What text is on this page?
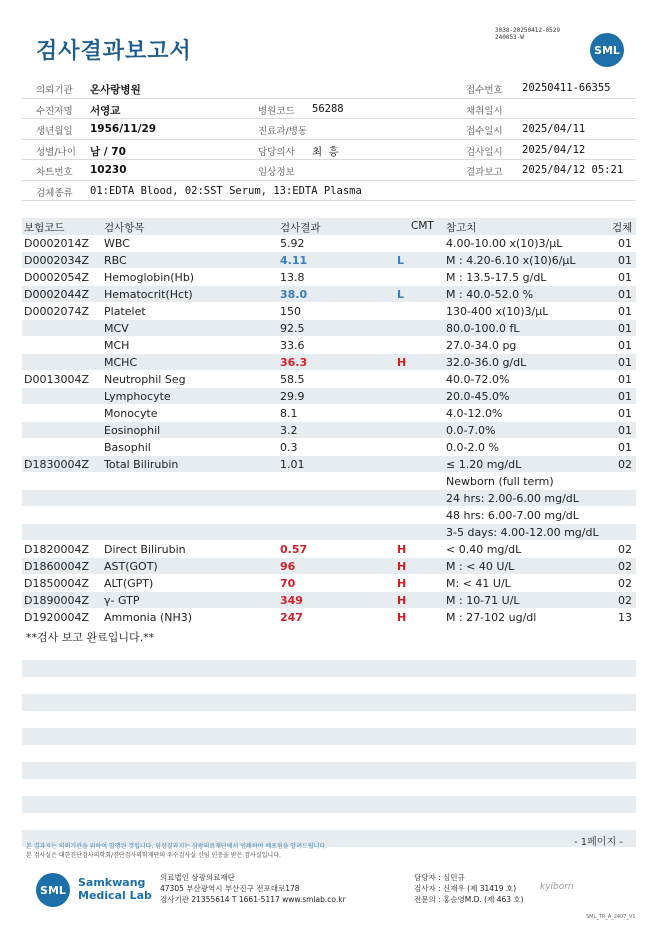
검사결과보고서
3038-20250412-0529
240053-W
SML
의뢰기관 온사랑병원	접수번호 20250411-66355
수진자명 서영교	병원코드 56288	채취일시
생년월일 1956/11/29	진료과/병동	접수일시 2025/04/11
성별/나이 남 / 70	담당의사 최 흥	검사일시 2025/04/12
차트번호 10230	임상정보	결과보고 2025/04/12 05:21
검체종류 01:EDTA Blood, 02:SST Serum, 13:EDTA Plasma
보험코드	검사항목	검사결과	CMT 참고치	검체
D0002014Z WBC	5.92	4.00-10.00 x(10)3/μL	01
D0002034Z RBC	4.11	L	M : 4.20-6.10 x(10)6/μL	01
D0002054Z Hemoglobin(Hb)	13.8	M : 13.5-17.5 g/dL	01
D0002044Z Hematocrit(Hct)	38.0	L	M : 40.0-52.0 %	01
D0002074Z Platelet	150	130-400 x(10)3/μL	01
MCV	92.5	80.0-100.0 fL	01
MCH	33.6	27.0-34.0 pg	01
MCHC	36.3	H	32.0-36.0 g/dL	01
D0013004Z Neutrophil Seg	58.5	40.0-72.0%	01
Lymphocyte	29.9	20.0-45.0%	01
Monocyte	8.1	4.0-12.0%	01
Eosinophil	3.2	0.0-7.0%	01
Basophil	0.3	0.0-2.0 %	01
D1830004Z Total Bilirubin	1.01	≤ 1.20 mg/dL	02
Newborn (full term)
24 hrs: 2.00-6.00 mg/dL
48 hrs: 6.00-7.00 mg/dL
3-5 days: 4.00-12.00 mg/dL
D1820004Z Direct Bilirubin	0.57	H	< 0.40 mg/dL	02
D1860004Z AST(GOT)	96	H	M : < 40 U/L	02
D1850004Z ALT(GPT)	70	H	M: < 41 U/L	02
D1890004Z γ- GTP	349	H	M : 10-71 U/L	02
D1920004Z Ammonia (NH3)	247	H	M : 27-102 ug/dl	13
**검사 보고 완료입니다.**
- 1페이지 -
본 결과지는 의뢰기관을 위하여 발행된 것입니다. 임상결과지는 삼광의료재단에서 인쇄하여 배포됨을 알려드립니다.
본 검사실은 대한진단검사의학회/진단검사의학재단의 우수검사실 신임 인증을 받은 검사실입니다.
SML
Samkwang
Medical Lab
의료법인 삼광의료재단
47305 부산광역시 부산진구 전포대로178
검사기관 21355614 T 1661-5117 www.smlab.co.kr
담당자 : 심민규
검사자 : 신재우 (제 31419 호)
전문의 : 홍승영M.D. (제 463 호)
kyiborn
SML_TR_A_2407_V1
